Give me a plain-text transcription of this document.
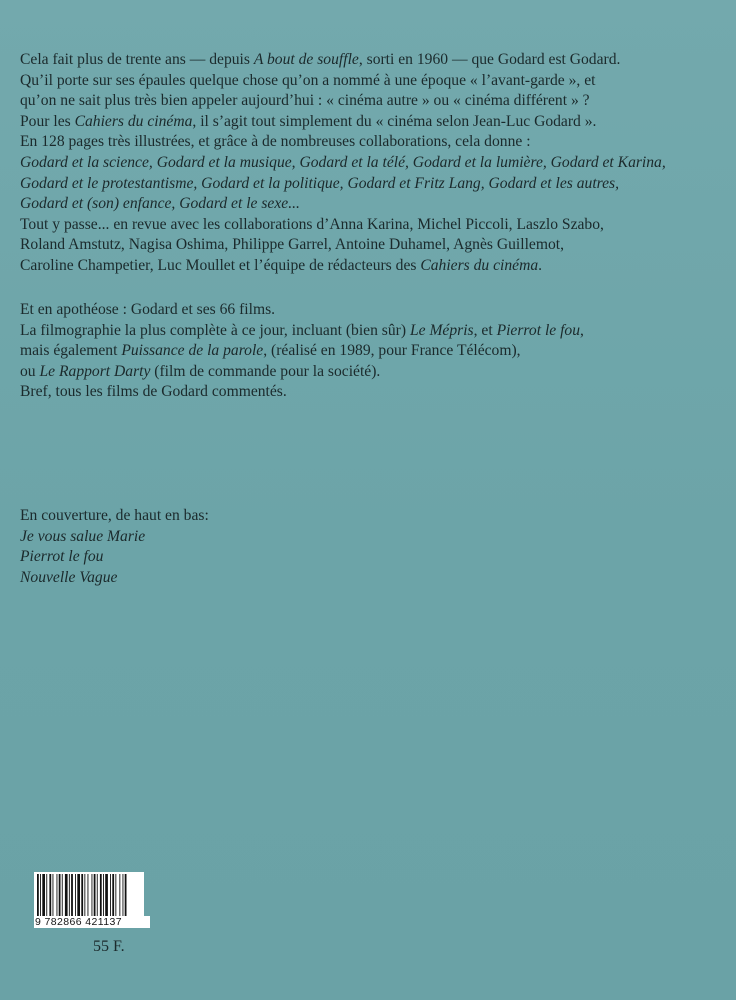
Cela fait plus de trente ans — depuis A bout de souffle, sorti en 1960 — que Godard est Godard.
Qu’il porte sur ses épaules quelque chose qu’on a nommé à une époque « l’avant-garde », et
qu’on ne sait plus très bien appeler aujourd’hui : « cinéma autre » ou « cinéma différent » ?
Pour les Cahiers du cinéma, il s’agit tout simplement du « cinéma selon Jean-Luc Godard ».
En 128 pages très illustrées, et grâce à de nombreuses collaborations, cela donne :
Godard et la science, Godard et la musique, Godard et la télé, Godard et la lumière, Godard et Karina,
Godard et le protestantisme, Godard et la politique, Godard et Fritz Lang, Godard et les autres,
Godard et (son) enfance, Godard et le sexe...
Tout y passe... en revue avec les collaborations d’Anna Karina, Michel Piccoli, Laszlo Szabo,
Roland Amstutz, Nagisa Oshima, Philippe Garrel, Antoine Duhamel, Agnès Guillemot,
Caroline Champetier, Luc Moullet et l’équipe de rédacteurs des Cahiers du cinéma.
Et en apothéose : Godard et ses 66 films.
La filmographie la plus complète à ce jour, incluant (bien sûr) Le Mépris, et Pierrot le fou,
mais également Puissance de la parole, (réalisé en 1989, pour France Télécom),
ou Le Rapport Darty (film de commande pour la société).
Bref, tous les films de Godard commentés.
En couverture, de haut en bas:
Je vous salue Marie
Pierrot le fou
Nouvelle Vague
9 782866 421137
55 F.
